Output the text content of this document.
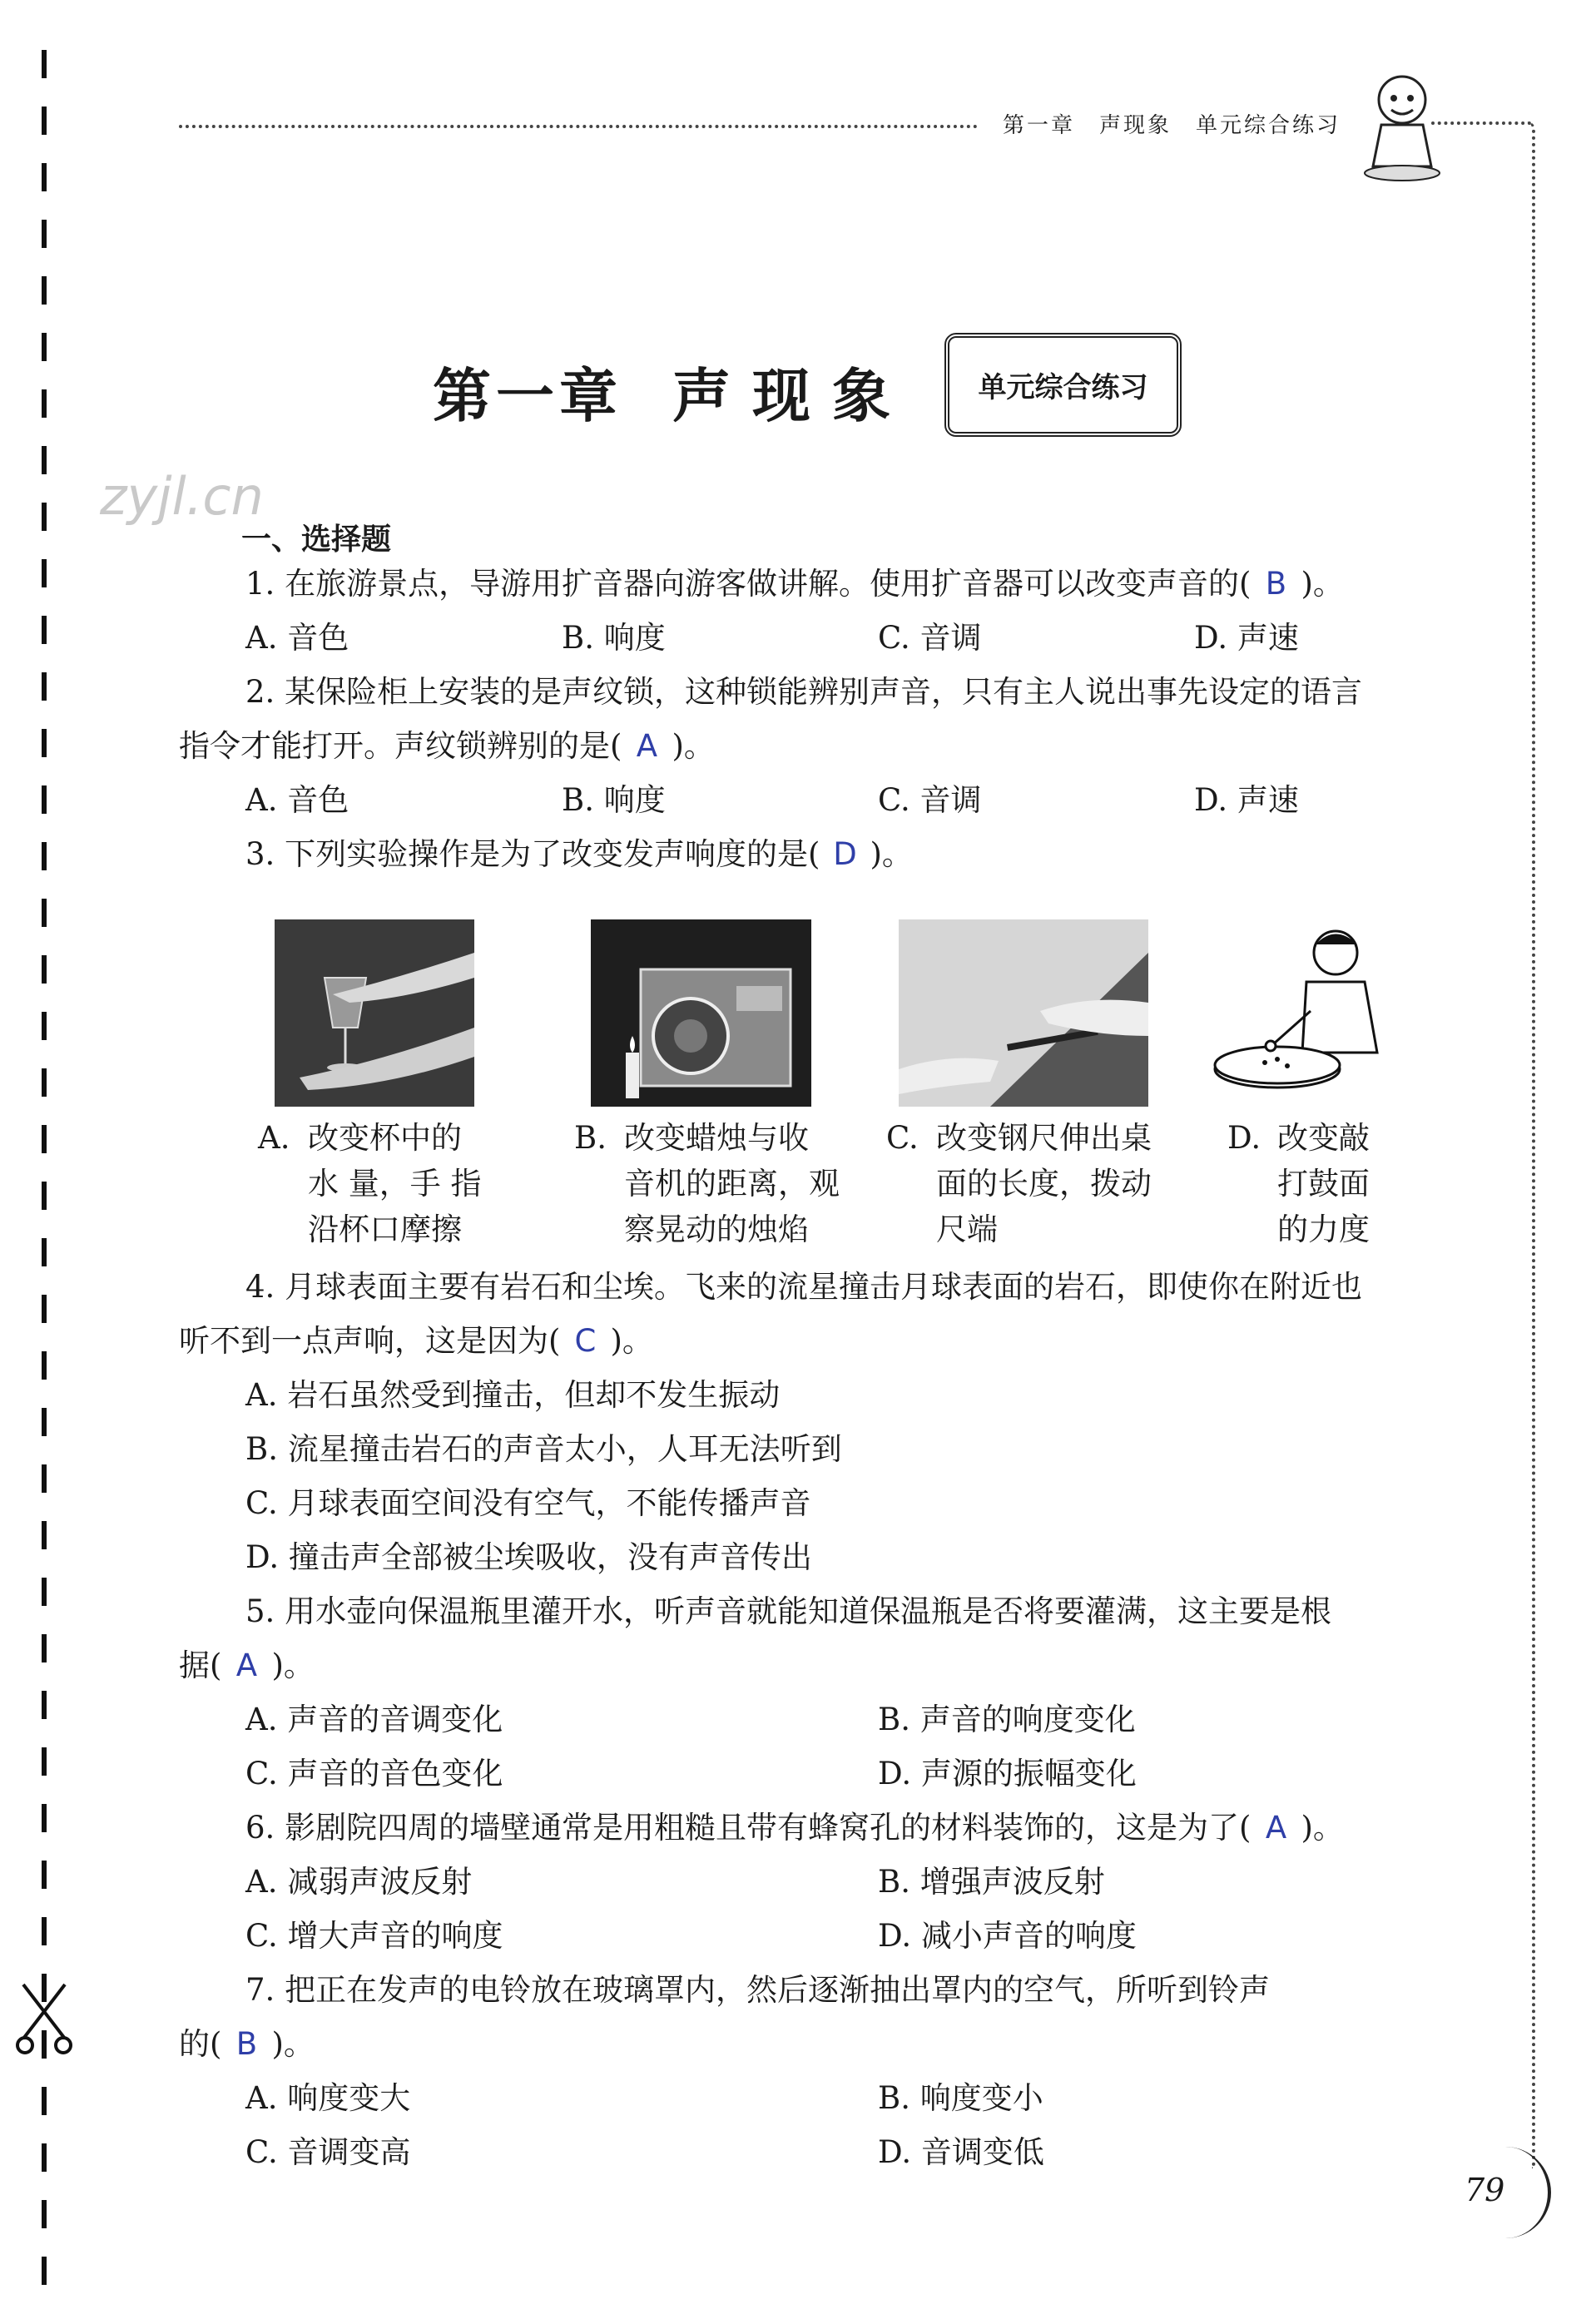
第一章　声现象　单元综合练习
zyjl.cn
第一章 声现象	单元综合练习
一、选择题
1. 在旅游景点，导游用扩音器向游客做讲解。使用扩音器可以改变声音的( B )。
A. 音色	B. 响度	C. 音调	D. 声速
2. 某保险柜上安装的是声纹锁，这种锁能辨别声音，只有主人说出事先设定的语言
指令才能打开。声纹锁辨别的是( A )。
A. 音色	B. 响度	C. 音调	D. 声速
3. 下列实验操作是为了改变发声响度的是( D )。
A. 改变杯中的
水 量，手 指
沿杯口摩擦
B. 改变蜡烛与收
音机的距离，观
察晃动的烛焰
C. 改变钢尺伸出桌
面的长度，拨动
尺端
D. 改变敲
打鼓面
的力度
4. 月球表面主要有岩石和尘埃。飞来的流星撞击月球表面的岩石，即使你在附近也
听不到一点声响，这是因为( C )。
A. 岩石虽然受到撞击，但却不发生振动
B. 流星撞击岩石的声音太小，人耳无法听到
C. 月球表面空间没有空气，不能传播声音
D. 撞击声全部被尘埃吸收，没有声音传出
5. 用水壶向保温瓶里灌开水，听声音就能知道保温瓶是否将要灌满，这主要是根
据( A )。
A. 声音的音调变化	B. 声音的响度变化
C. 声音的音色变化	D. 声源的振幅变化
6. 影剧院四周的墙壁通常是用粗糙且带有蜂窝孔的材料装饰的，这是为了( A )。
A. 减弱声波反射	B. 增强声波反射
C. 增大声音的响度	D. 减小声音的响度
7. 把正在发声的电铃放在玻璃罩内，然后逐渐抽出罩内的空气，所听到铃声
的( B )。
A. 响度变大	B. 响度变小
C. 音调变高	D. 音调变低
79
